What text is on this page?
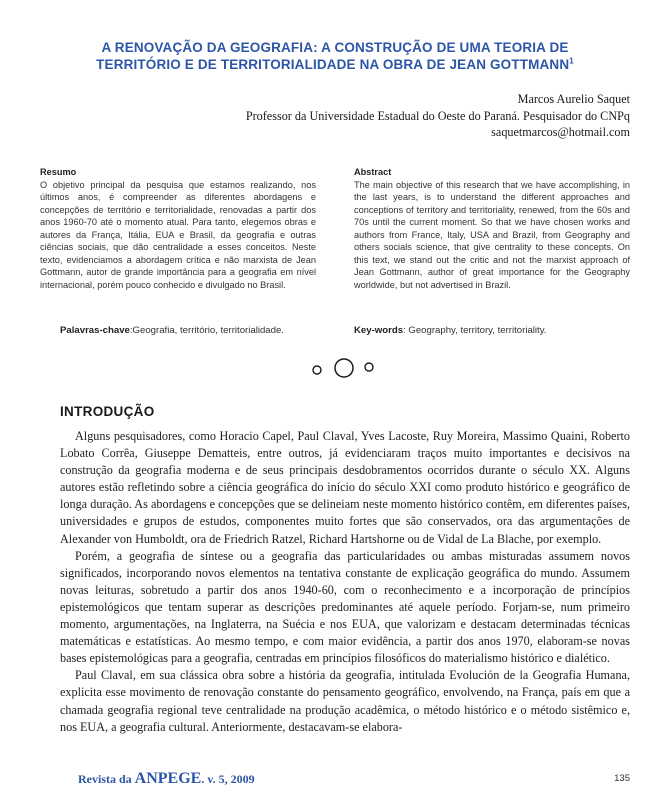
A RENOVAÇÃO DA GEOGRAFIA: A CONSTRUÇÃO DE UMA TEORIA DE
TERRITÓRIO E DE TERRITORIALIDADE NA OBRA DE JEAN GOTTMANN$^1$
Marcos Aurelio Saquet
Professor da Universidade Estadual do Oeste do Paraná. Pesquisador do CNPq
saquetmarcos@hotmail.com
Resumo
O objetivo principal da pesquisa que estamos realizando, nos últimos anos, é compreender as diferentes abordagens e concepções de território e territorialidade, renovadas a partir dos anos 1960-70 até o momento atual. Para tanto, elegemos obras e autores da França, Itália, EUA e Brasil, da geografia e outras ciências sociais, que dão centralidade a esses conceitos. Neste texto, evidenciamos a abordagem crítica e não marxista de Jean Gottmann, autor de grande importância para a geografia em nível internacional, porém pouco conhecido e divulgado no Brasil.
Palavras-chave:Geografia, território, territorialidade.
Abstract
The main objective of this research that we have accomplishing, in the last years, is to understand the different approaches and conceptions of territory and territoriality, renewed, from the 60s and 70s until the current moment. So that we have chosen works and authors from France, Italy, USA and Brazil, from Geography and others socials science, that give centrality to these concepts. On this text, we stand out the critic and not the marxist approach of Jean Gottmann, author of great importance for the Geography worldwide, but not advertised in Brazil.
Key-words: Geography, territory, territoriality.
INTRODUÇÃO

Alguns pesquisadores, como Horacio Capel, Paul Claval, Yves Lacoste, Ruy Moreira, Massimo Quaini, Roberto Lobato Corrêa, Giuseppe Dematteis, entre outros, já evidenciaram traços muito importantes e decisivos na construção da geografia moderna e de seus principais desdobramentos ocorridos durante o século XX. Alguns autores estão refletindo sobre a ciência geográfica do início do século XXI como produto histórico e geográfico de longa duração. As abordagens e concepções que se delineiam neste momento histórico contêm, em diferentes países, universidades e grupos de estudos, componentes muito fortes que são conservados, ora das argumentações de Alexander von Humboldt, ora de Friedrich Ratzel, Richard Hartshorne ou de Vidal de La Blache, por exemplo.

Porém, a geografia de síntese ou a geografia das particularidades ou ambas misturadas assumem novos significados, incorporando novos elementos na tentativa constante de explicação geográfica do mundo. Assumem novas leituras, sobretudo a partir dos anos 1940-60, com o reconhecimento e a incorporação de princípios epistemológicos que tentam superar as descrições predominantes até aquele período. Forjam-se, num primeiro momento, argumentações, na Inglaterra, na Suécia e nos EUA, que valorizam e destacam determinadas técnicas matemáticas e estatísticas. Ao mesmo tempo, e com maior evidência, a partir dos anos 1970, elaboram-se novas bases epistemológicas para a geografia, centradas em princípios filosóficos do materialismo histórico e dialético.

Paul Claval, em sua clássica obra sobre a história da geografia, intitulada Evolución de la Geografia Humana, explicita esse movimento de renovação constante do pensamento geográfico, envolvendo, na França, país em que a chamada geografia regional teve centralidade na produção acadêmica, o método histórico e o método sistêmico e, nos EUA, a geografia cultural. Anteriormente, destacavam-se elabora-

Revista da ANPEGE. v. 5, 2009	135
